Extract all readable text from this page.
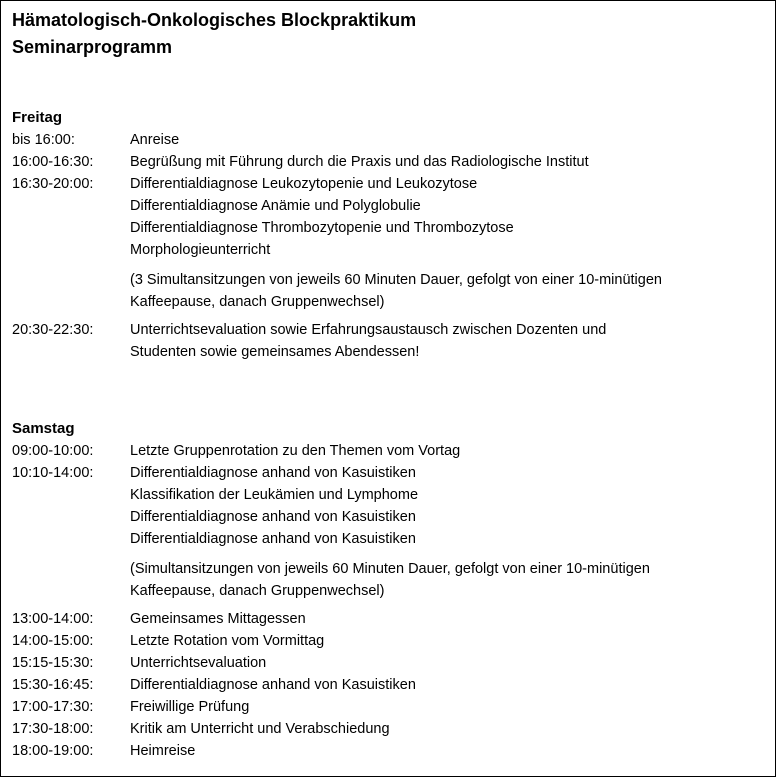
Hämatologisch-Onkologisches Blockpraktikum
Seminarprogramm
Freitag
bis 16:00:	Anreise
16:00-16:30:	Begrüßung mit Führung durch die Praxis und das Radiologische Institut
16:30-20:00:	Differentialdiagnose Leukozytopenie und Leukozytose
Differentialdiagnose Anämie und Polyglobulie
Differentialdiagnose Thrombozytopenie und Thrombozytose
Morphologieunterricht
(3 Simultansitzungen von jeweils 60 Minuten Dauer, gefolgt von einer 10-minütigen
Kaffeepause, danach Gruppenwechsel)
20:30-22:30:	Unterrichtsevaluation sowie Erfahrungsaustausch zwischen Dozenten und
Studenten sowie gemeinsames Abendessen!
Samstag
09:00-10:00:	Letzte Gruppenrotation zu den Themen vom Vortag
10:10-14:00:	Differentialdiagnose anhand von Kasuistiken
Klassifikation der Leukämien und Lymphome
Differentialdiagnose anhand von Kasuistiken
Differentialdiagnose anhand von Kasuistiken
(Simultansitzungen von jeweils 60 Minuten Dauer, gefolgt von einer 10-minütigen
Kaffeepause, danach Gruppenwechsel)
13:00-14:00:	Gemeinsames Mittagessen
14:00-15:00:	Letzte Rotation vom Vormittag
15:15-15:30:	Unterrichtsevaluation
15:30-16:45:	Differentialdiagnose anhand von Kasuistiken
17:00-17:30:	Freiwillige Prüfung
17:30-18:00:	Kritik am Unterricht und Verabschiedung
18:00-19:00:	Heimreise
